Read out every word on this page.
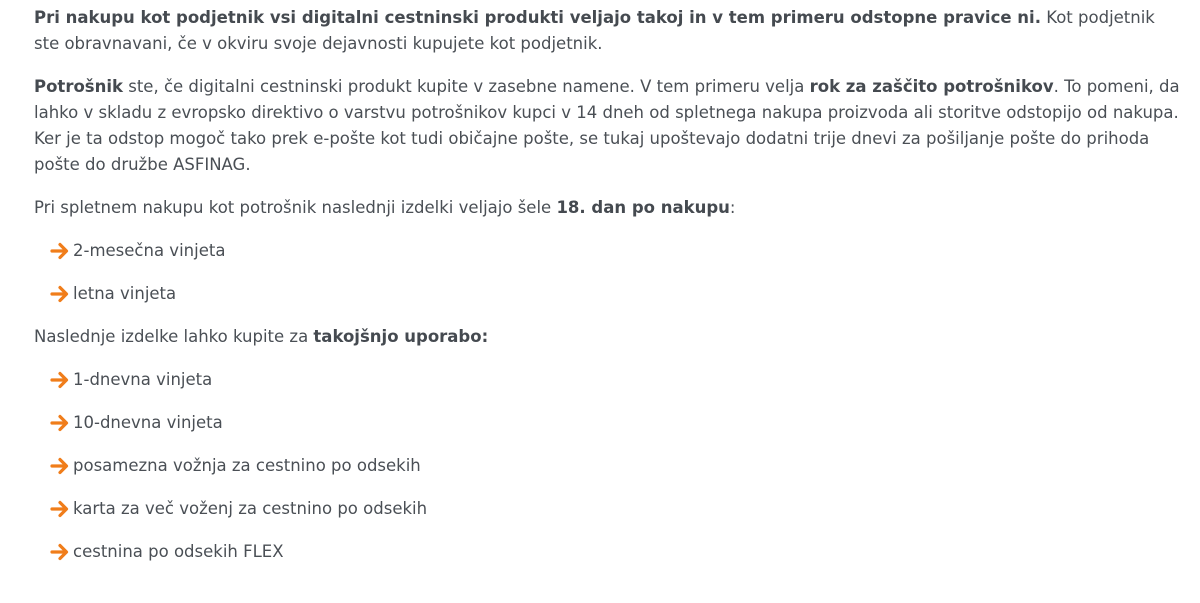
Pri nakupu kot podjetnik vsi digitalni cestninski produkti veljajo takoj in v tem primeru odstopne pravice ni. Kot podjetnik ste obravnavani, če v okviru svoje dejavnosti kupujete kot podjetnik.

Potrošnik ste, če digitalni cestninski produkt kupite v zasebne namene. V tem primeru velja rok za zaščito potrošnikov. To pomeni, da lahko v skladu z evropsko direktivo o varstvu potrošnikov kupci v 14 dneh od spletnega nakupa proizvoda ali storitve odstopijo od nakupa. Ker je ta odstop mogoč tako prek e-pošte kot tudi običajne pošte, se tukaj upoštevajo dodatni trije dnevi za pošiljanje pošte do prihoda pošte do družbe ASFINAG.

Pri spletnem nakupu kot potrošnik naslednji izdelki veljajo šele 18. dan po nakupu:

2-mesečna vinjeta
letna vinjeta

Naslednje izdelke lahko kupite za takojšnjo uporabo:

1-dnevna vinjeta
10-dnevna vinjeta
posamezna vožnja za cestnino po odsekih
karta za več voženj za cestnino po odsekih
cestnina po odsekih FLEX
